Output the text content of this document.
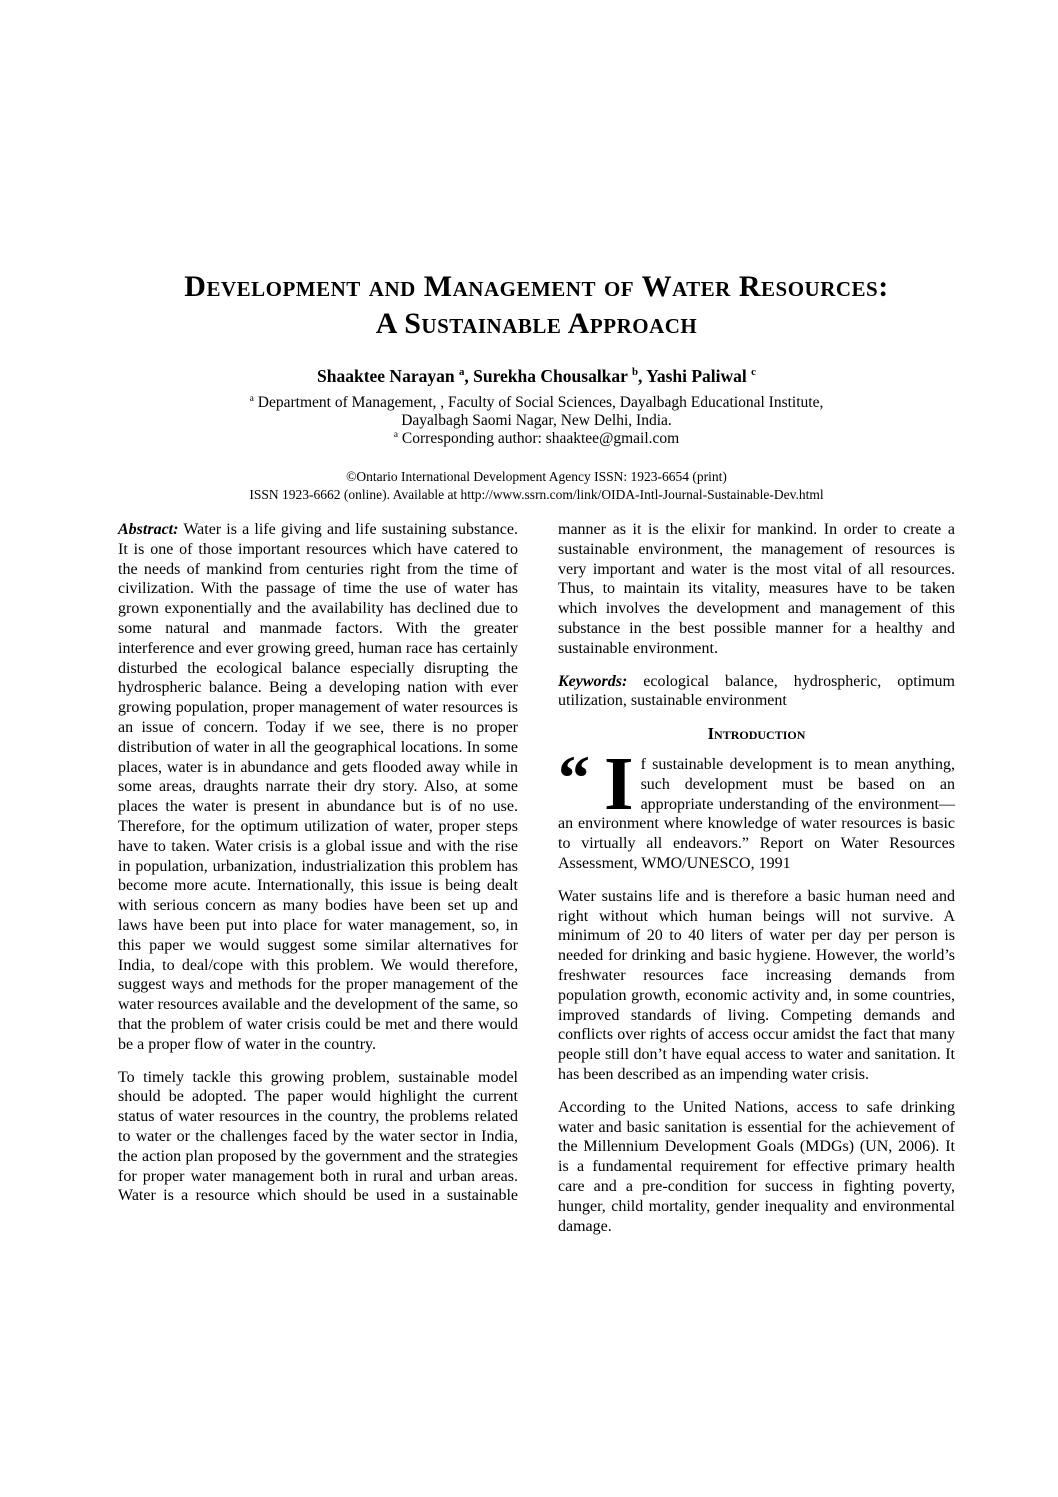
Development and Management of Water Resources:
A Sustainable Approach
Shaaktee Narayan $^a$, Surekha Chousalkar $^b$, Yashi Paliwal $^c$
$^a$ Department of Management, , Faculty of Social Sciences, Dayalbagh Educational Institute,
Dayalbagh Saomi Nagar, New Delhi, India.
$^a$ Corresponding author: shaaktee@gmail.com
©Ontario International Development Agency ISSN: 1923-6654 (print)
ISSN 1923-6662 (online). Available at http://www.ssrn.com/link/OIDA-Intl-Journal-Sustainable-Dev.html

Abstract: Water is a life giving and life sustaining substance. It is one of those important resources which have catered to the needs of mankind from centuries right from the time of civilization. With the passage of time the use of water has grown exponentially and the availability has declined due to some natural and manmade factors. With the greater interference and ever growing greed, human race has certainly disturbed the ecological balance especially disrupting the hydrospheric balance. Being a developing nation with ever growing population, proper management of water resources is an issue of concern. Today if we see, there is no proper distribution of water in all the geographical locations. In some places, water is in abundance and gets flooded away while in some areas, draughts narrate their dry story. Also, at some places the water is present in abundance but is of no use. Therefore, for the optimum utilization of water, proper steps have to taken. Water crisis is a global issue and with the rise in population, urbanization, industrialization this problem has become more acute. Internationally, this issue is being dealt with serious concern as many bodies have been set up and laws have been put into place for water management, so, in this paper we would suggest some similar alternatives for India, to deal/cope with this problem. We would therefore, suggest ways and methods for the proper management of the water resources available and the development of the same, so that the problem of water crisis could be met and there would be a proper flow of water in the country.

To timely tackle this growing problem, sustainable model should be adopted. The paper would highlight the current status of water resources in the country, the problems related to water or the challenges faced by the water sector in India, the action plan proposed by the government and the strategies for proper water management both in rural and urban areas. Water is a resource which should be used in a sustainable

manner as it is the elixir for mankind. In order to create a sustainable environment, the management of resources is very important and water is the most vital of all resources. Thus, to maintain its vitality, measures have to be taken which involves the development and management of this substance in the best possible manner for a healthy and sustainable environment.

Keywords: ecological balance, hydrospheric, optimum utilization, sustainable environment

Introduction

“ I f sustainable development is to mean anything, such development must be based on an appropriate understanding of the environment—an environment where knowledge of water resources is basic to virtually all endeavors.” Report on Water Resources Assessment, WMO/UNESCO, 1991

Water sustains life and is therefore a basic human need and right without which human beings will not survive. A minimum of 20 to 40 liters of water per day per person is needed for drinking and basic hygiene. However, the world’s freshwater resources face increasing demands from population growth, economic activity and, in some countries, improved standards of living. Competing demands and conflicts over rights of access occur amidst the fact that many people still don’t have equal access to water and sanitation. It has been described as an impending water crisis.

According to the United Nations, access to safe drinking water and basic sanitation is essential for the achievement of the Millennium Development Goals (MDGs) (UN, 2006). It is a fundamental requirement for effective primary health care and a pre-condition for success in fighting poverty, hunger, child mortality, gender inequality and environmental damage.
